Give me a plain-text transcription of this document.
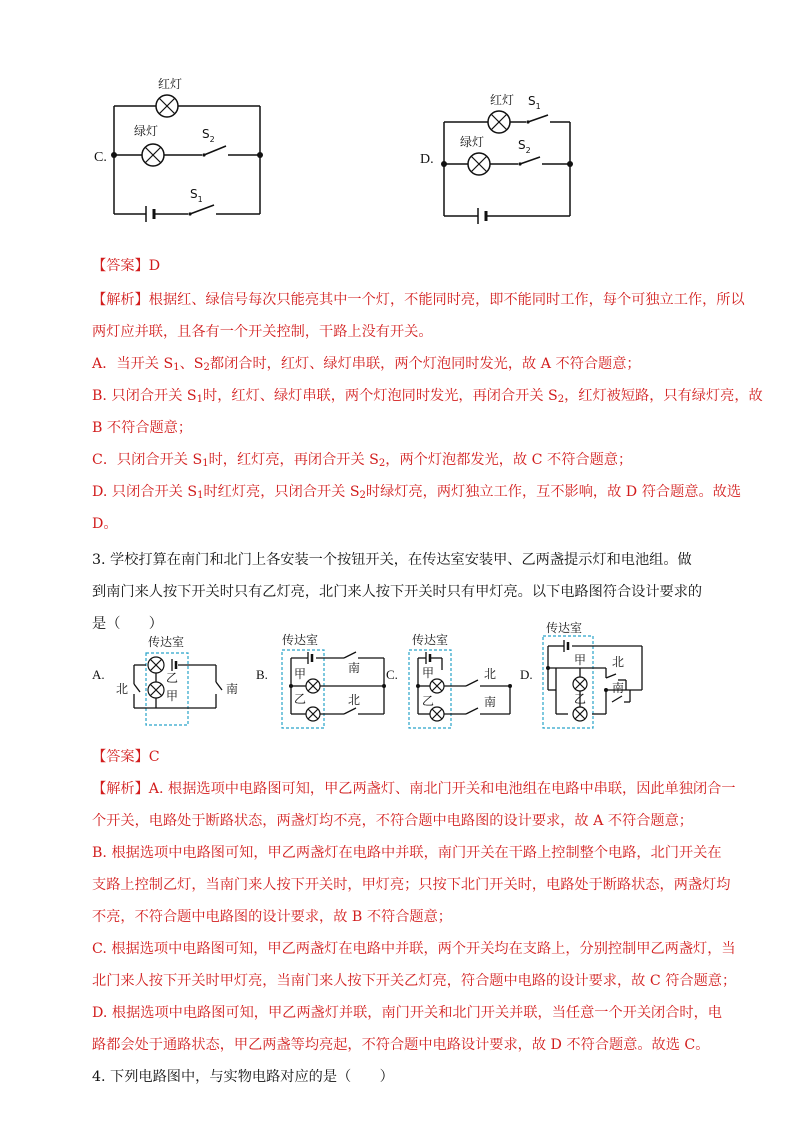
红灯
绿灯	$S_2$
$S_1$
C.
红灯
绿灯
$S_1$
$S_2$
D.
【答案】D
【解析】根据红、绿信号每次只能亮其中一个灯，不能同时亮，即不能同时工作，每个可独立工作，所以
两灯应并联，且各有一个开关控制，干路上没有开关。
A．当开关 $S_1$、$S_2$都闭合时，红灯、绿灯串联，两个灯泡同时发光，故 A 不符合题意；
B. 只闭合开关 $S_1$时，红灯、绿灯串联，两个灯泡同时发光，再闭合开关 $S_2$，红灯被短路，只有绿灯亮，故
B 不符合题意；
C．只闭合开关 $S_1$时，红灯亮，再闭合开关 $S_2$，两个灯泡都发光，故 C 不符合题意；
D. 只闭合开关 $S_1$时红灯亮，只闭合开关 $S_2$时绿灯亮，两灯独立工作，互不影响，故 D 符合题意。故选
D。
3. 学校打算在南门和北门上各安装一个按钮开关，在传达室安装甲、乙两盏提示灯和电池组。做
到南门来人按下开关时只有乙灯亮，北门来人按下开关时只有甲灯亮。以下电路图符合设计要求的
是（　　）
传达室
乙
甲
北	南
A.
传达室
甲
乙
南
北
B.
传达室
甲
乙
北
南
C.
传达室
甲
乙
北
南
D.
【答案】C
【解析】A. 根据选项中电路图可知，甲乙两盏灯、南北门开关和电池组在电路中串联，因此单独闭合一
个开关，电路处于断路状态，两盏灯均不亮，不符合题中电路图的设计要求，故 A 不符合题意；
B. 根据选项中电路图可知，甲乙两盏灯在电路中并联，南门开关在干路上控制整个电路，北门开关在
支路上控制乙灯，当南门来人按下开关时，甲灯亮；只按下北门开关时，电路处于断路状态，两盏灯均
不亮，不符合题中电路图的设计要求，故 B 不符合题意；
C. 根据选项中电路图可知，甲乙两盏灯在电路中并联，两个开关均在支路上，分别控制甲乙两盏灯，当
北门来人按下开关时甲灯亮，当南门来人按下开关乙灯亮，符合题中电路的设计要求，故 C 符合题意；
D. 根据选项中电路图可知，甲乙两盏灯并联，南门开关和北门开关并联，当任意一个开关闭合时，电
路都会处于通路状态，甲乙两盏等均亮起，不符合题中电路设计要求，故 D 不符合题意。故选 C。
4. 下列电路图中，与实物电路对应的是（　　）
